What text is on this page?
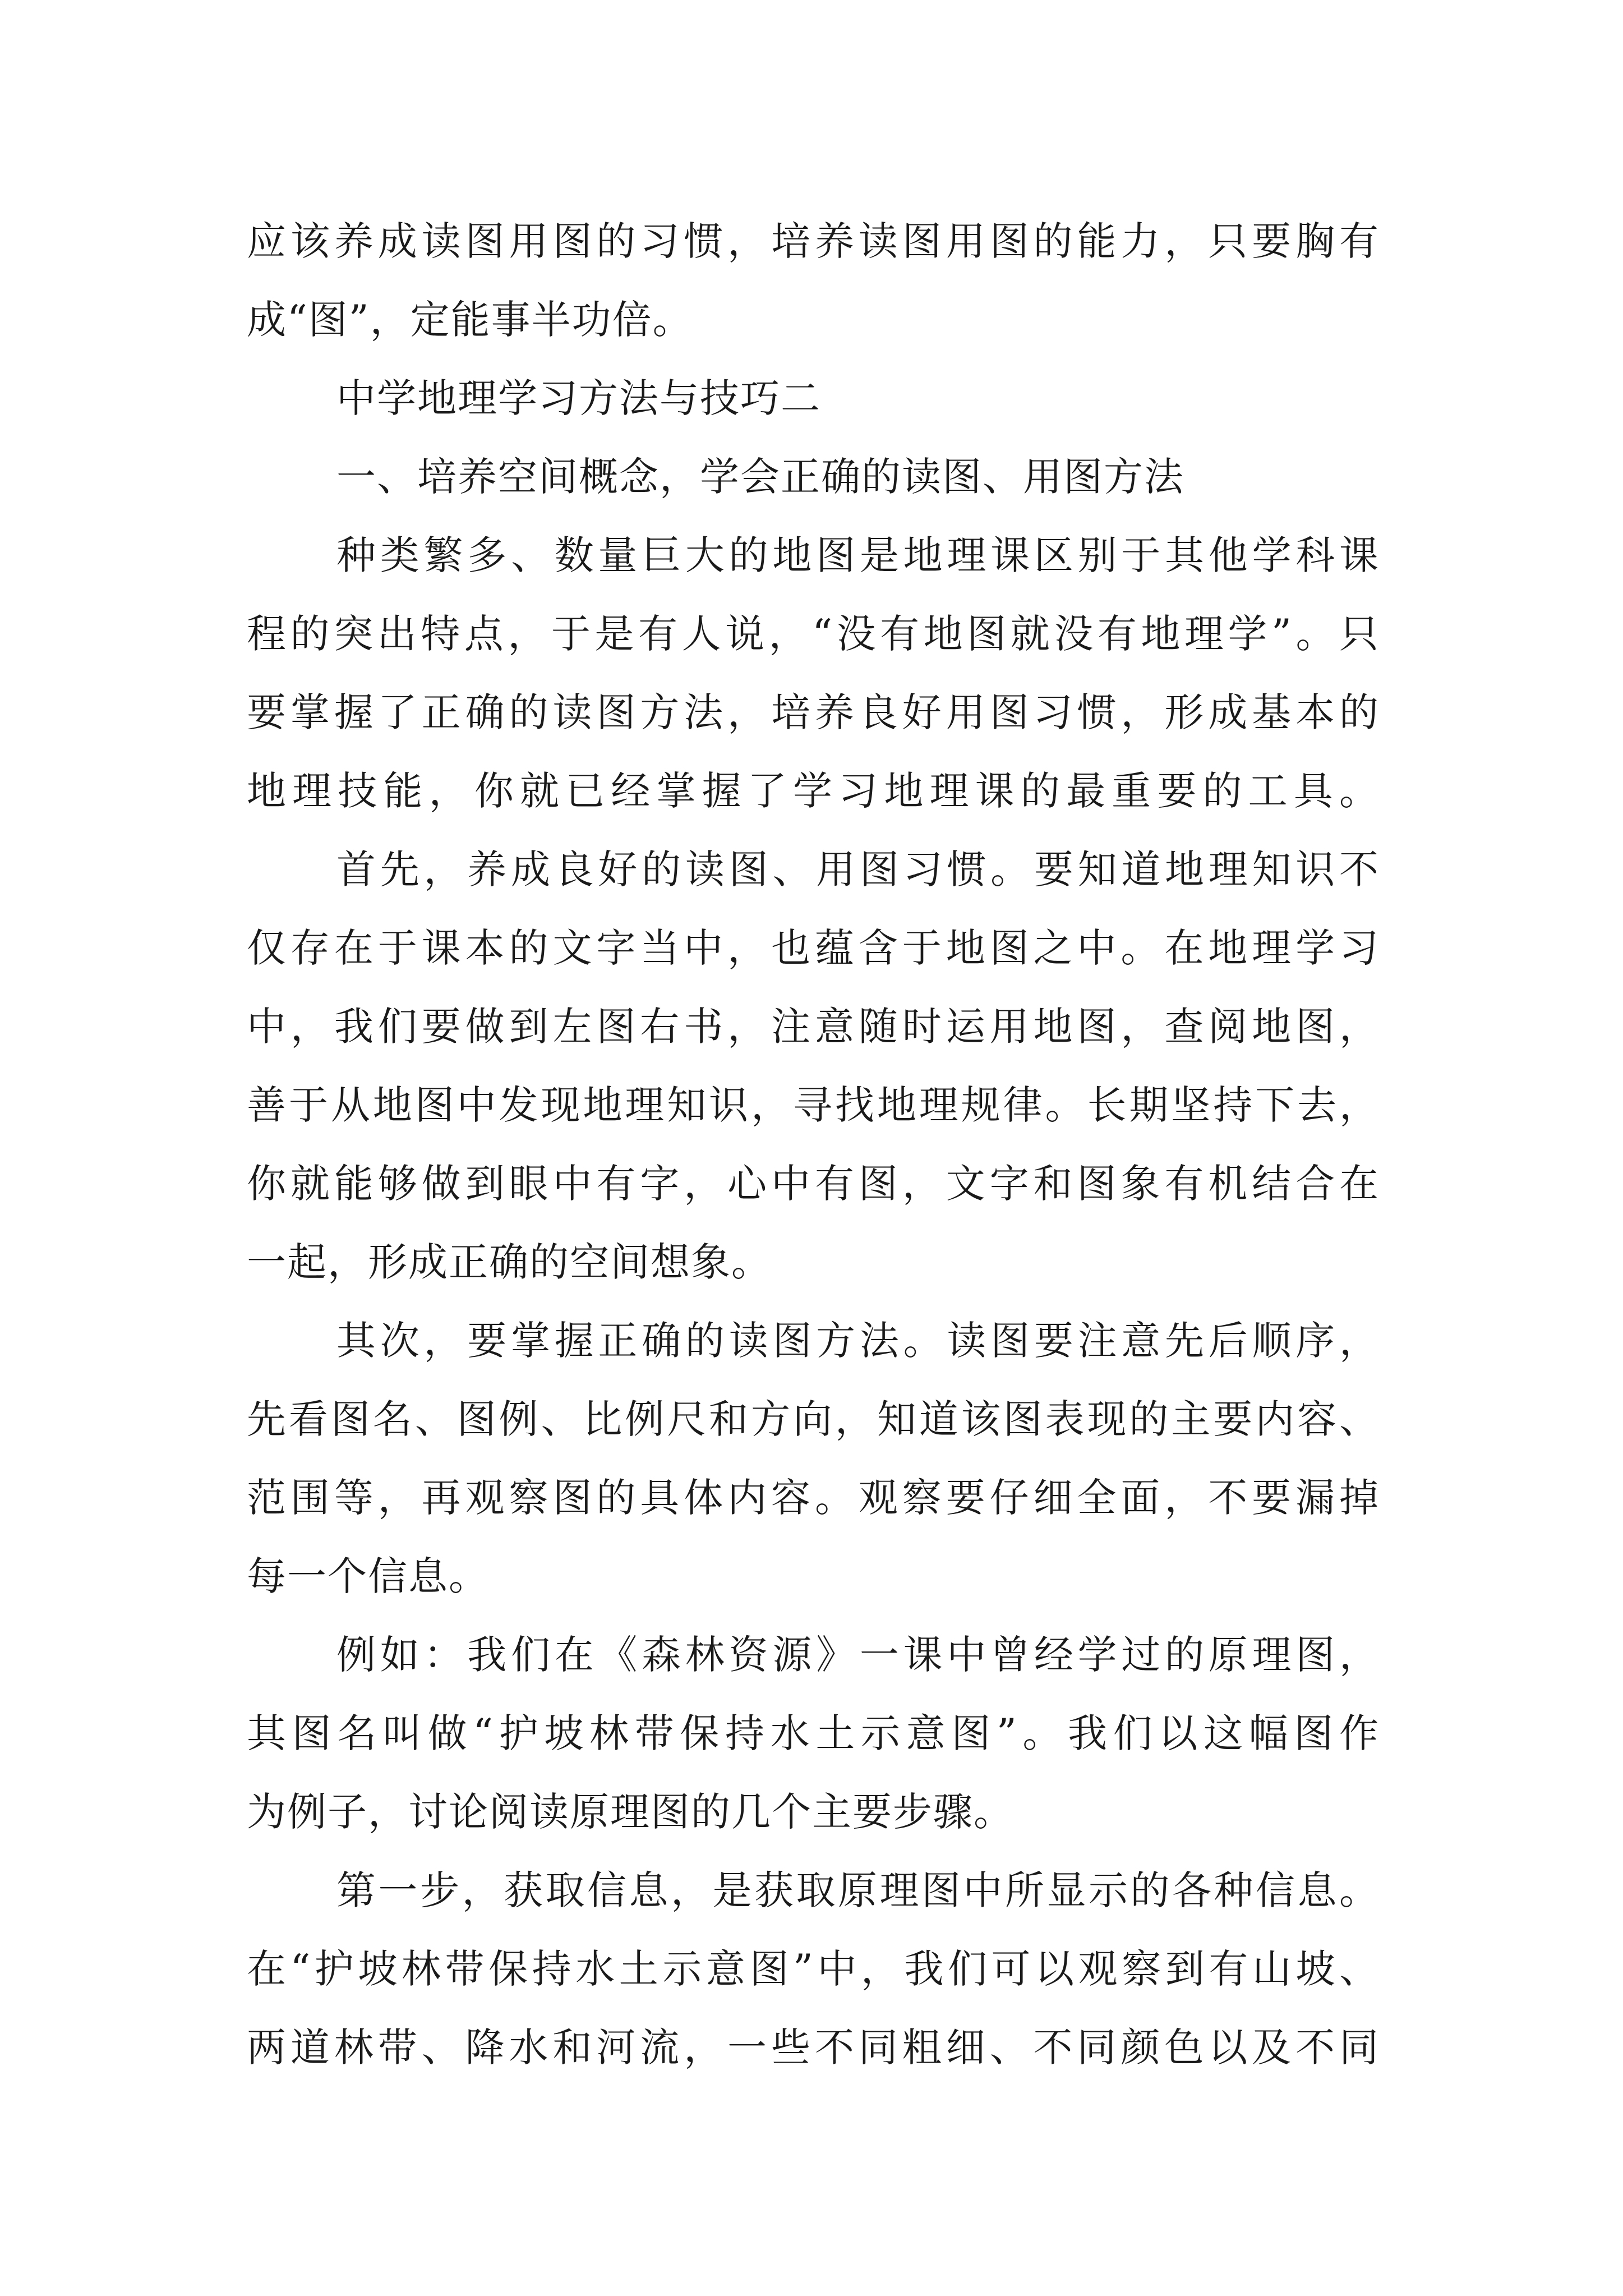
应该养成读图用图的习惯，培养读图用图的能力，只要胸有
成“图”，定能事半功倍。
中学地理学习方法与技巧二
一、培养空间概念，学会正确的读图、用图方法
种类繁多、数量巨大的地图是地理课区别于其他学科课
程的突出特点，于是有人说，“没有地图就没有地理学”。只
要掌握了正确的读图方法，培养良好用图习惯，形成基本的
地理技能，你就已经掌握了学习地理课的最重要的工具。
首先，养成良好的读图、用图习惯。要知道地理知识不
仅存在于课本的文字当中，也蕴含于地图之中。在地理学习
中，我们要做到左图右书，注意随时运用地图，查阅地图，
善于从地图中发现地理知识，寻找地理规律。长期坚持下去，
你就能够做到眼中有字，心中有图，文字和图象有机结合在
一起，形成正确的空间想象。
其次，要掌握正确的读图方法。读图要注意先后顺序，
先看图名、图例、比例尺和方向，知道该图表现的主要内容、
范围等，再观察图的具体内容。观察要仔细全面，不要漏掉
每一个信息。
例如：我们在《森林资源》一课中曾经学过的原理图，
其图名叫做“护坡林带保持水土示意图”。我们以这幅图作
为例子，讨论阅读原理图的几个主要步骤。
第一步，获取信息，是获取原理图中所显示的各种信息。
在“护坡林带保持水土示意图”中，我们可以观察到有山坡、
两道林带、降水和河流，一些不同粗细、不同颜色以及不同
